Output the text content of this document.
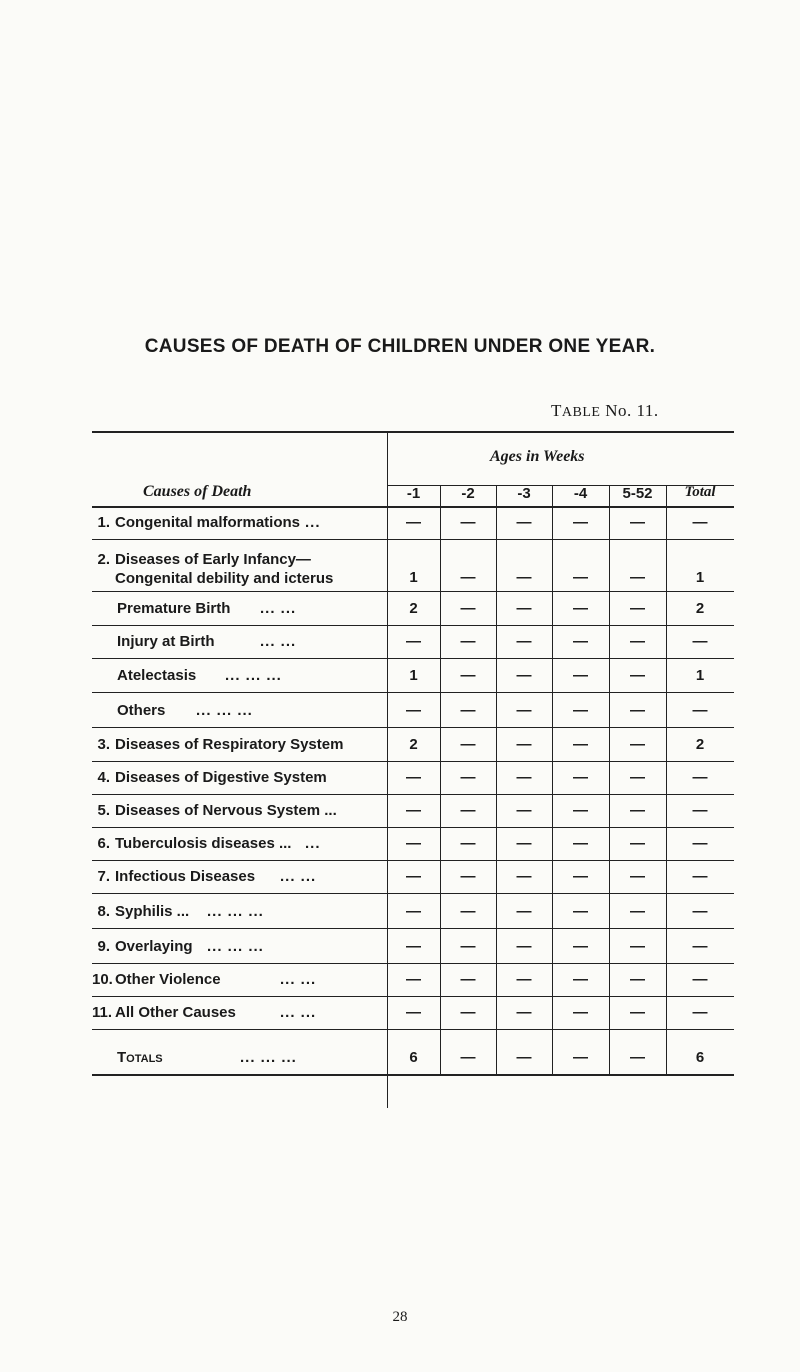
CAUSES OF DEATH OF CHILDREN UNDER ONE YEAR.
TABLE No. 11.
Causes of Death
Ages in Weeks
-1	-2	-3	-4	5-52	Total
1. Congenital malformations ...	—	—	—	—	—	—
2. Diseases of Early Infancy—
Congenital debility and icterus	1	—	—	—	—	1
Premature Birth ... ...	2	—	—	—	—	2
Injury at Birth	... ...	—	—	—	—	—	—
Atelectasis ... ... ...	1	—	—	—	—	1
Others ... ... ...	—	—	—	—	—	—
3. Diseases of Respiratory System	2	—	—	—	—	2
4. Diseases of Digestive System	—	—	—	—	—	—
5. Diseases of Nervous System ...	—	—	—	—	—	—
6. Tuberculosis diseases ... ...	—	—	—	—	—	—
7. Infectious Diseases ... ...	—	—	—	—	—	—
8. Syphilis ... ... ... ...	—	—	—	—	—	—
9. Overlaying ... ... ...	—	—	—	—	—	—
10. Other Violence	... ...	—	—	—	—	—	—
11. All Other Causes	... ...	—	—	—	—	—	—
Totals	... ... ...	6	—	—	—	—	6
28
